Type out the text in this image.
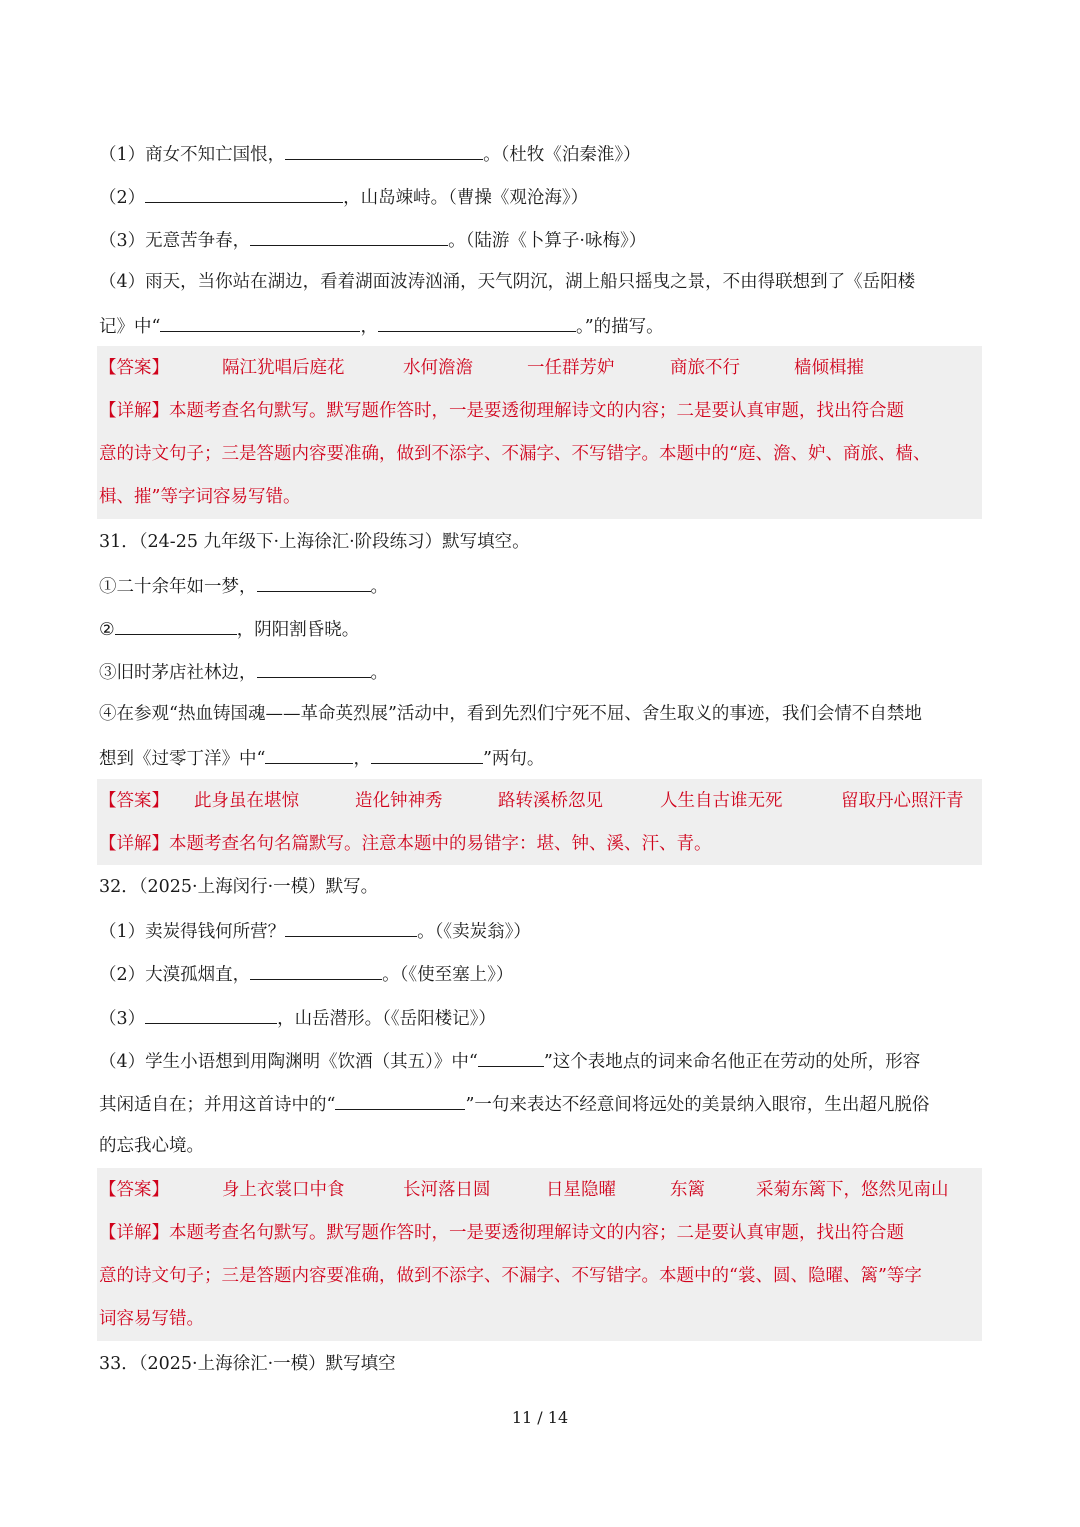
（1）商女不知亡国恨，	。（杜牧《泊秦淮》）
（2）	，山岛竦峙。（曹操《观沧海》）
（3）无意苦争春，	。（陆游《卜算子·咏梅》）
（4）雨天，当你站在湖边，看着湖面波涛汹涌，天气阴沉，湖上船只摇曳之景，不由得联想到了《岳阳楼
记》中“	，	。”的描写。
【答案】	隔江犹唱后庭花	水何澹澹	一任群芳妒	商旅不行	樯倾楫摧
【详解】本题考查名句默写。默写题作答时，一是要透彻理解诗文的内容；二是要认真审题，找出符合题
意的诗文句子；三是答题内容要准确，做到不添字、不漏字、不写错字。本题中的“庭、澹、妒、商旅、樯、
楫、摧”等字词容易写错。
31．（24-25 九年级下·上海徐汇·阶段练习）默写填空。
①二十余年如一梦，	。
②	，阴阳割昏晓。
③旧时茅店社林边，	。
④在参观“热血铸国魂——革命英烈展”活动中，看到先烈们宁死不屈、舍生取义的事迹，我们会情不自禁地
想到《过零丁洋》中“	，	”两句。
【答案】 此身虽在堪惊	造化钟神秀	路转溪桥忽见	人生自古谁无死	留取丹心照汗青
【详解】本题考查名句名篇默写。注意本题中的易错字：堪、钟、溪、汗、青。
32．（2025·上海闵行·一模）默写。
（1）卖炭得钱何所营？	。（《卖炭翁》）
（2）大漠孤烟直，	。（《使至塞上》）
（3）	，山岳潜形。（《岳阳楼记》）
（4）学生小语想到用陶渊明《饮酒（其五）》中“	”这个表地点的词来命名他正在劳动的处所，形容
其闲适自在；并用这首诗中的“	”一句来表达不经意间将远处的美景纳入眼帘，生出超凡脱俗
的忘我心境。
【答案】	身上衣裳口中食	长河落日圆	日星隐曜	东篱	采菊东篱下，悠然见南山
【详解】本题考查名句默写。默写题作答时，一是要透彻理解诗文的内容；二是要认真审题，找出符合题
意的诗文句子；三是答题内容要准确，做到不添字、不漏字、不写错字。本题中的“裳、圆、隐曜、篱”等字
词容易写错。
33．（2025·上海徐汇·一模）默写填空
11 / 14
